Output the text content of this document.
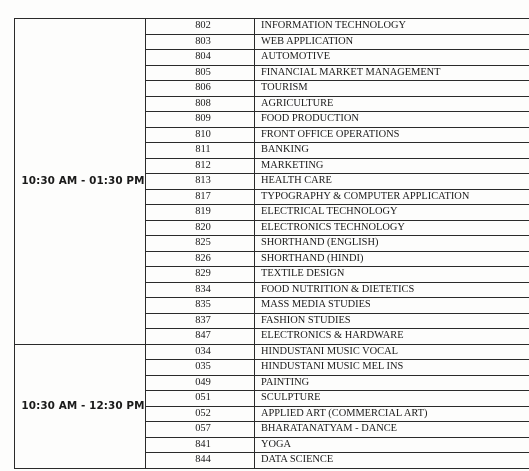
10:30 AM - 01:30 PM	802	INFORMATION TECHNOLOGY
	803	WEB APPLICATION
	804	AUTOMOTIVE
	805	FINANCIAL MARKET MANAGEMENT
	806	TOURISM
	808	AGRICULTURE
	809	FOOD PRODUCTION
	810	FRONT OFFICE OPERATIONS
	811	BANKING
	812	MARKETING
	813	HEALTH CARE
	817	TYPOGRAPHY & COMPUTER APPLICATION
	819	ELECTRICAL TECHNOLOGY
	820	ELECTRONICS TECHNOLOGY
	825	SHORTHAND (ENGLISH)
	826	SHORTHAND (HINDI)
	829	TEXTILE DESIGN
	834	FOOD NUTRITION & DIETETICS
	835	MASS MEDIA STUDIES
	837	FASHION STUDIES
	847	ELECTRONICS & HARDWARE
10:30 AM - 12:30 PM	034	HINDUSTANI MUSIC VOCAL
	035	HINDUSTANI MUSIC MEL INS
	049	PAINTING
	051	SCULPTURE
	052	APPLIED ART (COMMERCIAL ART)
	057	BHARATANATYAM - DANCE
	841	YOGA
	844	DATA SCIENCE
